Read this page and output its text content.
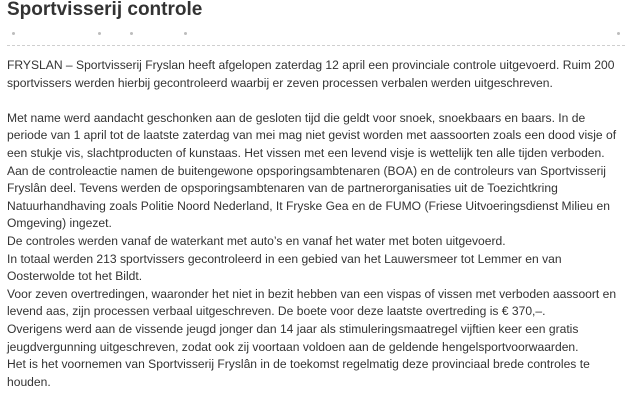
Sportvisserij controle

FRYSLAN – Sportvisserij Fryslan heeft afgelopen zaterdag 12 april een provinciale controle uitgevoerd. Ruim 200
sportvissers werden hierbij gecontroleerd waarbij er zeven processen verbalen werden uitgeschreven.

Met name werd aandacht geschonken aan de gesloten tijd die geldt voor snoek, snoekbaars en baars. In de
periode van 1 april tot de laatste zaterdag van mei mag niet gevist worden met aassoorten zoals een dood visje of
een stukje vis, slachtproducten of kunstaas. Het vissen met een levend visje is wettelijk ten alle tijden verboden.

Aan de controleactie namen de buitengewone opsporingsambtenaren (BOA) en de controleurs van Sportvisserij
Fryslân deel. Tevens werden de opsporingsambtenaren van de partnerorganisaties uit de Toezichtkring
Natuurhandhaving zoals Politie Noord Nederland, It Fryske Gea en de FUMO (Friese Uitvoeringsdienst Milieu en
Omgeving) ingezet.

De controles werden vanaf de waterkant met auto’s en vanaf het water met boten uitgevoerd.

In totaal werden 213 sportvissers gecontroleerd in een gebied van het Lauwersmeer tot Lemmer en van
Oosterwolde tot het Bildt.

Voor zeven overtredingen, waaronder het niet in bezit hebben van een vispas of vissen met verboden aassoort en
levend aas, zijn processen verbaal uitgeschreven. De boete voor deze laatste overtreding is € 370,–.

Overigens werd aan de vissende jeugd jonger dan 14 jaar als stimuleringsmaatregel vijftien keer een gratis
jeugdvergunning uitgeschreven, zodat ook zij voortaan voldoen aan de geldende hengelsportvoorwaarden.

Het is het voornemen van Sportvisserij Fryslân in de toekomst regelmatig deze provinciaal brede controles te
houden.
